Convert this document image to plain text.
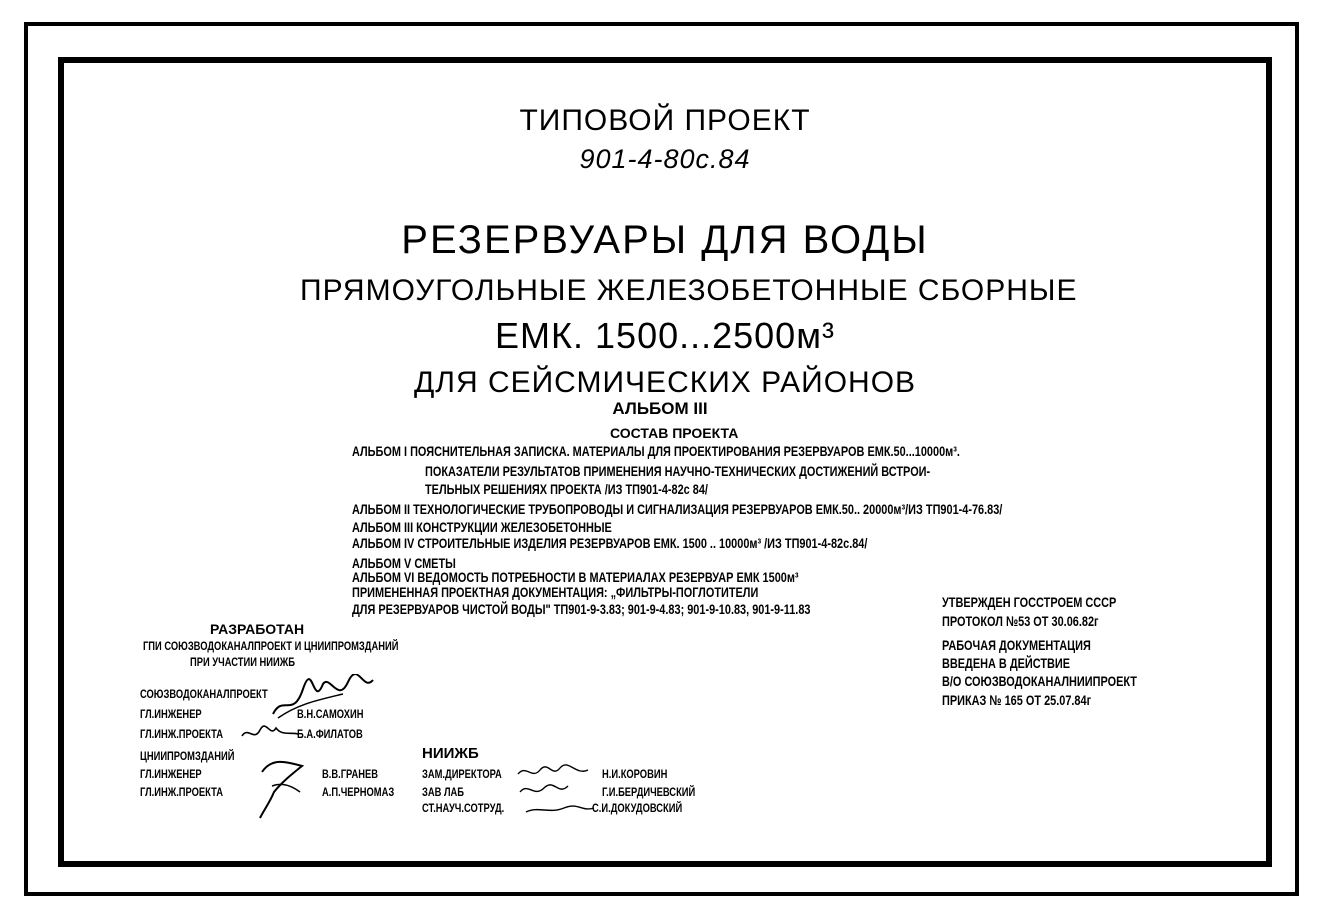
ТИПОВОЙ ПРОЕКТ
901-4-80с.84
РЕЗЕРВУАРЫ ДЛЯ ВОДЫ
ПРЯМОУГОЛЬНЫЕ ЖЕЛЕЗОБЕТОННЫЕ СБОРНЫЕ
ЕМК. 1500...2500м³
ДЛЯ СЕЙСМИЧЕСКИХ РАЙОНОВ
АЛЬБОМ III
СОСТАВ ПРОЕКТА
АЛЬБОМ I ПОЯСНИТЕЛЬНАЯ ЗАПИСКА. МАТЕРИАЛЫ ДЛЯ ПРОЕКТИРОВАНИЯ РЕЗЕРВУАРОВ ЕМК.50...10000м³.
ПОКАЗАТЕЛИ РЕЗУЛЬТАТОВ ПРИМЕНЕНИЯ НАУЧНО-ТЕХНИЧЕСКИХ ДОСТИЖЕНИЙ ВСТРОИ-
ТЕЛЬНЫХ РЕШЕНИЯХ ПРОЕКТА /ИЗ ТП901-4-82с 84/
АЛЬБОМ II ТЕХНОЛОГИЧЕСКИЕ ТРУБОПРОВОДЫ И СИГНАЛИЗАЦИЯ РЕЗЕРВУАРОВ ЕМК.50.. 20000м³/ИЗ ТП901-4-76.83/
АЛЬБОМ III КОНСТРУКЦИИ ЖЕЛЕЗОБЕТОННЫЕ
АЛЬБОМ IV СТРОИТЕЛЬНЫЕ ИЗДЕЛИЯ РЕЗЕРВУАРОВ ЕМК. 1500 .. 10000м³ /ИЗ ТП901-4-82с.84/
АЛЬБОМ V СМЕТЫ
АЛЬБОМ VI ВЕДОМОСТЬ ПОТРЕБНОСТИ В МАТЕРИАЛАХ РЕЗЕРВУАР ЕМК 1500м³
ПРИМЕНЕННАЯ ПРОЕКТНАЯ ДОКУМЕНТАЦИЯ: „ФИЛЬТРЫ-ПОГЛОТИТЕЛИ
ДЛЯ РЕЗЕРВУАРОВ ЧИСТОЙ ВОДЫ" ТП901-9-3.83; 901-9-4.83; 901-9-10.83, 901-9-11.83
РАЗРАБОТАН
ГПИ СОЮЗВОДОКАНАЛПРОЕКТ И ЦНИИПРОМЗДАНИЙ
ПРИ УЧАСТИИ НИИЖБ
СОЮЗВОДОКАНАЛПРОЕКТ
ГЛ.ИНЖЕНЕР	В.Н.САМОХИН
ГЛ.ИНЖ.ПРОЕКТА	Б.А.ФИЛАТОВ
ЦНИИПРОМЗДАНИЙ
ГЛ.ИНЖЕНЕР	В.В.ГРАНЕВ
ГЛ.ИНЖ.ПРОЕКТА	А.П.ЧЕРНОМАЗ
НИИЖБ
ЗАМ.ДИРЕКТОРА	Н.И.КОРОВИН
ЗАВ ЛАБ	Г.И.БЕРДИЧЕВСКИЙ
СТ.НАУЧ.СОТРУД.	С.И.ДОКУДОВСКИЙ
УТВЕРЖДЕН ГОССТРОЕМ СССР
ПРОТОКОЛ №53 ОТ 30.06.82г
РАБОЧАЯ ДОКУМЕНТАЦИЯ
ВВЕДЕНА В ДЕЙСТВИЕ
В/О СОЮЗВОДОКАНАЛНИИПРОЕКТ
ПРИКАЗ № 165 ОТ 25.07.84г
